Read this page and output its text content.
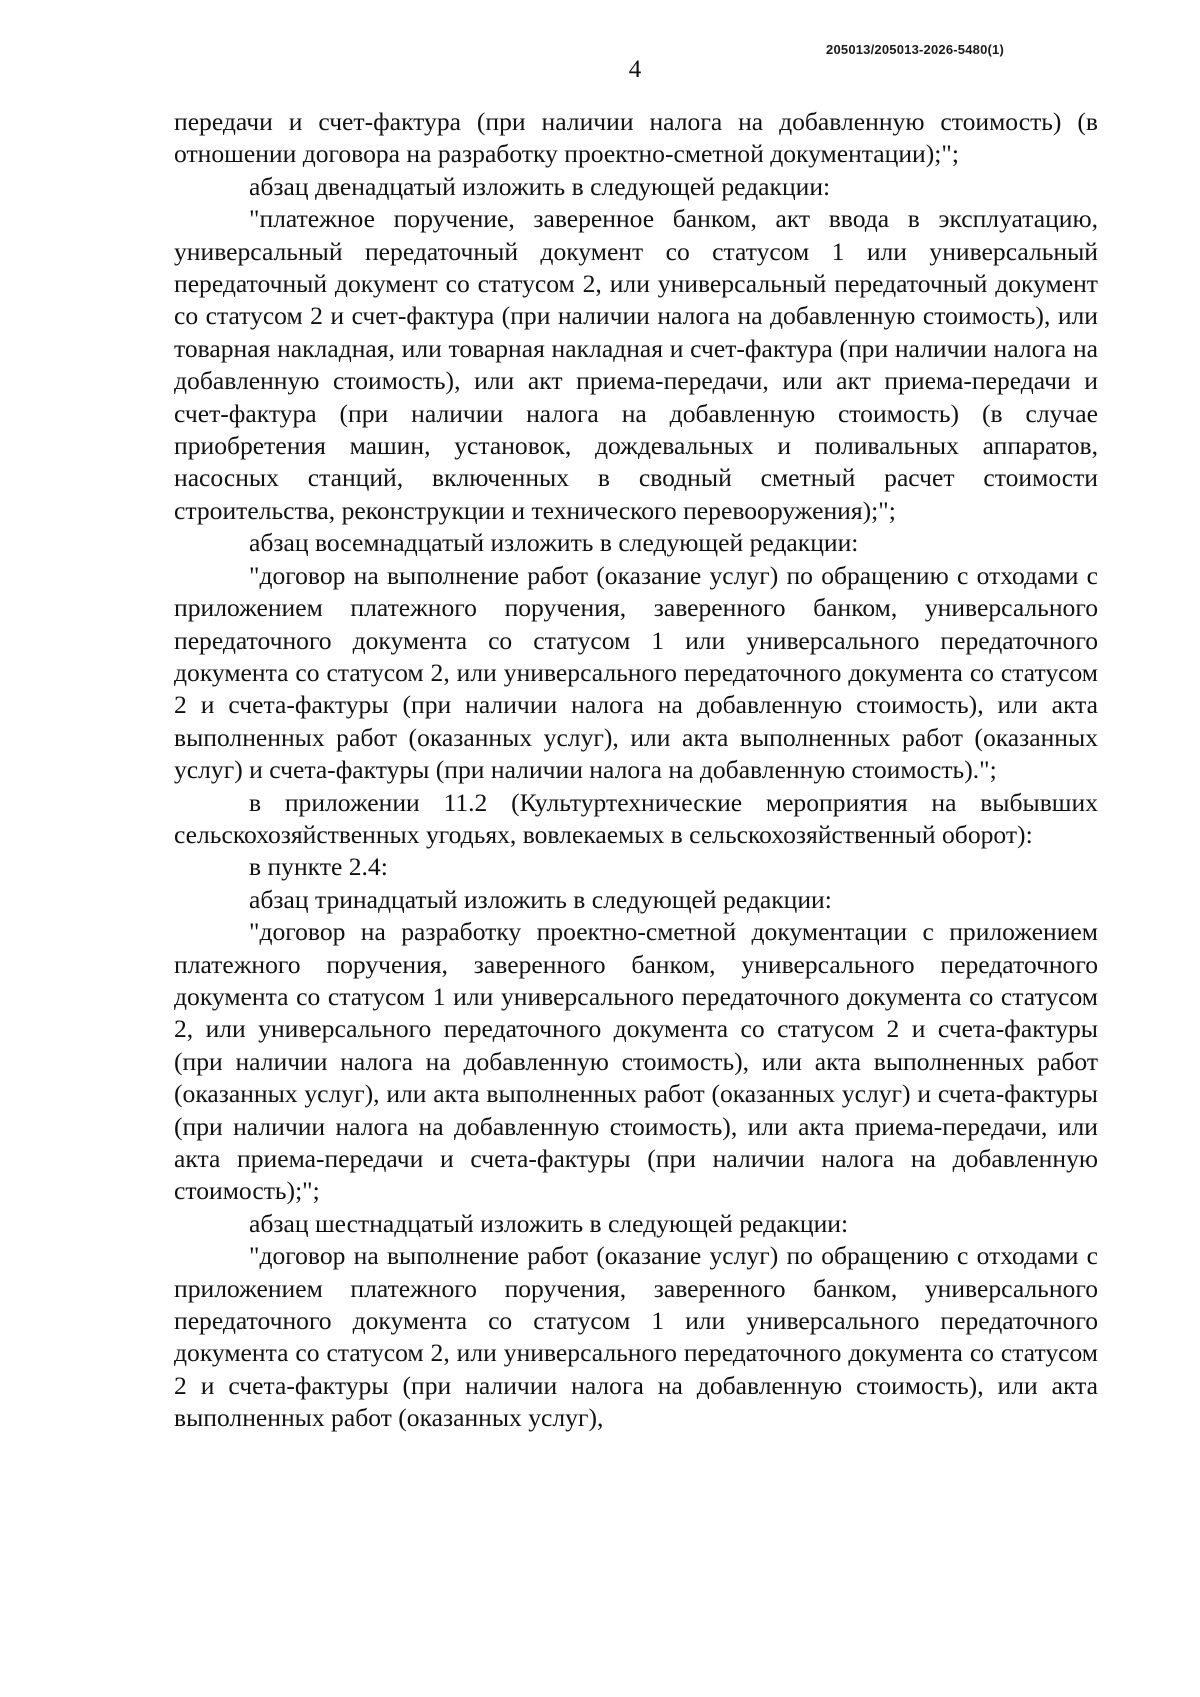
205013/205013-2026-5480(1)
4

передачи и счет-фактура (при наличии налога на добавленную стоимость) (в отношении договора на разработку проектно-сметной документации);";

абзац двенадцатый изложить в следующей редакции:

"платежное поручение, заверенное банком, акт ввода в эксплуатацию, универсальный передаточный документ со статусом 1 или универсальный передаточный документ со статусом 2, или универсальный передаточный документ со статусом 2 и счет-фактура (при наличии налога на добавленную стоимость), или товарная накладная, или товарная накладная и счет-фактура (при наличии налога на добавленную стоимость), или акт приема-передачи, или акт приема-передачи и счет-фактура (при наличии налога на добавленную стоимость) (в случае приобретения машин, установок, дождевальных и поливальных аппаратов, насосных станций, включенных в сводный сметный расчет стоимости строительства, реконструкции и технического перевооружения);";

абзац восемнадцатый изложить в следующей редакции:

"договор на выполнение работ (оказание услуг) по обращению с отходами с приложением платежного поручения, заверенного банком, универсального передаточного документа со статусом 1 или универсального передаточного документа со статусом 2, или универсального передаточного документа со статусом 2 и счета-фактуры (при наличии налога на добавленную стоимость), или акта выполненных работ (оказанных услуг), или акта выполненных работ (оказанных услуг) и счета-фактуры (при наличии налога на добавленную стоимость).";

в приложении 11.2 (Культуртехнические мероприятия на выбывших сельскохозяйственных угодьях, вовлекаемых в сельскохозяйственный оборот):

в пункте 2.4:

абзац тринадцатый изложить в следующей редакции:

"договор на разработку проектно-сметной документации с приложением платежного поручения, заверенного банком, универсального передаточного документа со статусом 1 или универсального передаточного документа со статусом 2, или универсального передаточного документа со статусом 2 и счета-фактуры (при наличии налога на добавленную стоимость), или акта выполненных работ (оказанных услуг), или акта выполненных работ (оказанных услуг) и счета-фактуры (при наличии налога на добавленную стоимость), или акта приема-передачи, или акта приема-передачи и счета-фактуры (при наличии налога на добавленную стоимость);";

абзац шестнадцатый изложить в следующей редакции:

"договор на выполнение работ (оказание услуг) по обращению с отходами с приложением платежного поручения, заверенного банком, универсального передаточного документа со статусом 1 или универсального передаточного документа со статусом 2, или универсального передаточного документа со статусом 2 и счета-фактуры (при наличии налога на добавленную стоимость), или акта выполненных работ (оказанных услуг),
